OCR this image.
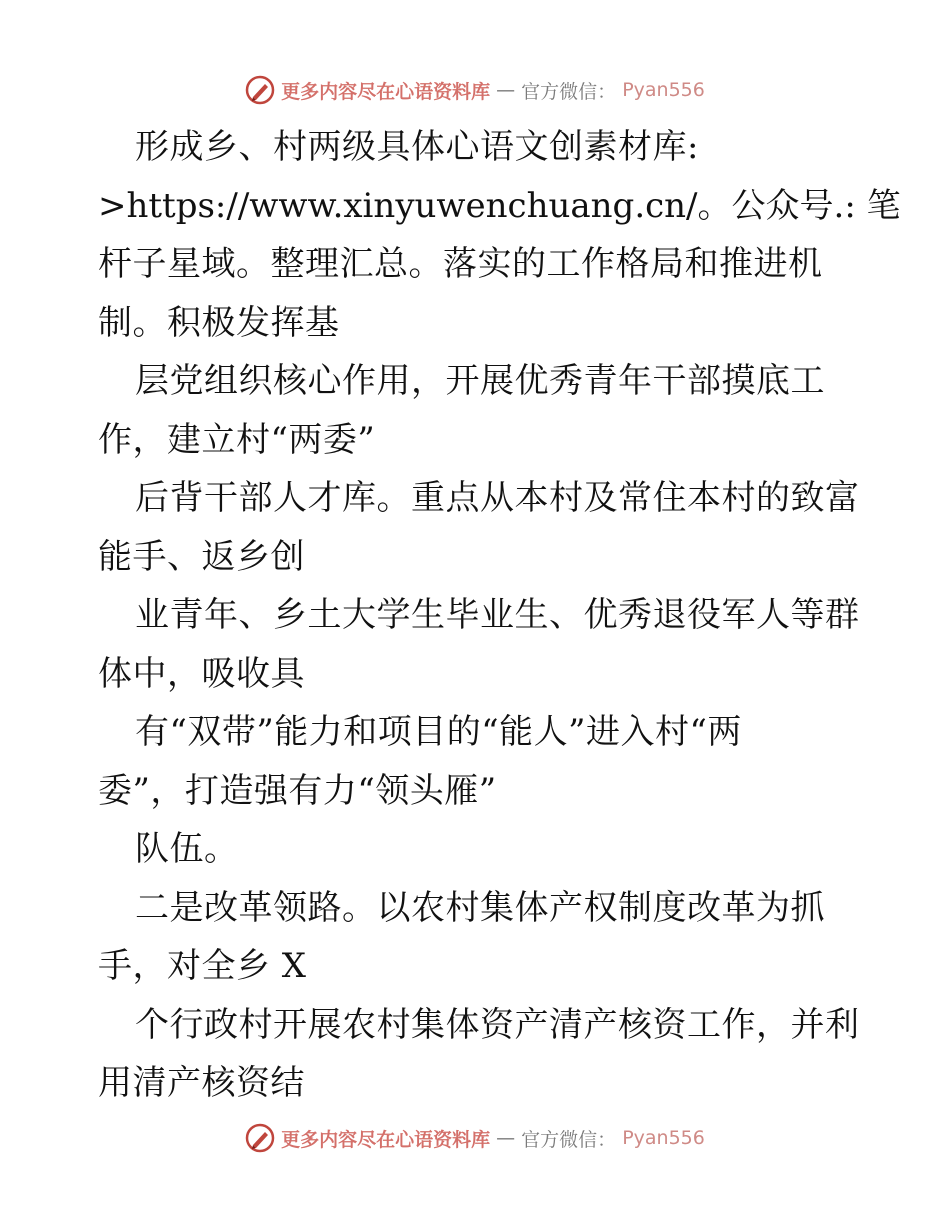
更多内容尽在心语资料库 — 官方微信： Pyan556
形成乡、村两级具体心语文创素材库:
>https://www.xinyuwenchuang.cn/。公众号.: 笔
杆子星域。整理汇总。落实的工作格局和推进机
制。积极发挥基
层党组织核心作用，开展优秀青年干部摸底工
作，建立村“两委”
后背干部人才库。重点从本村及常住本村的致富
能手、返乡创
业青年、乡土大学生毕业生、优秀退役军人等群
体中，吸收具
有“双带”能力和项目的“能人”进入村“两
委”，打造强有力“领头雁”
队伍。
二是改革领路。以农村集体产权制度改革为抓
手，对全乡 X
个行政村开展农村集体资产清产核资工作，并利
用清产核资结
更多内容尽在心语资料库 — 官方微信： Pyan556
